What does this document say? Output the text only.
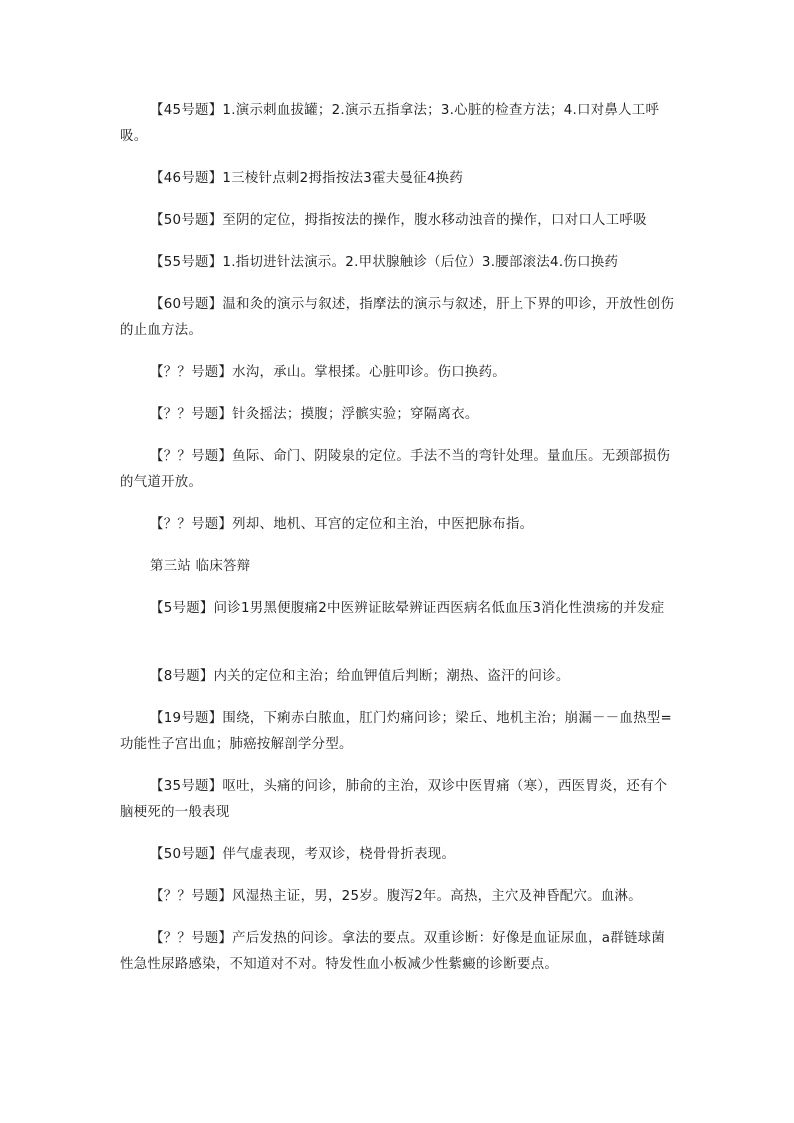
【45号题】1.演示刺血拔罐；2.演示五指拿法；3.心脏的检查方法；4.口对鼻人工呼吸。

【46号题】1三棱针点刺2拇指按法3霍夫曼征4换药

【50号题】至阴的定位，拇指按法的操作，腹水移动浊音的操作，口对口人工呼吸

【55号题】1.指切进针法演示。2.甲状腺触诊（后位）3.腰部滚法4.伤口换药

【60号题】温和灸的演示与叙述，指摩法的演示与叙述，肝上下界的叩诊，开放性创伤的止血方法。

【？？号题】水沟，承山。掌根揉。心脏叩诊。伤口换药。

【？？号题】针灸摇法；摸腹；浮髌实验；穿隔离衣。

【？？号题】鱼际、命门、阴陵泉的定位。手法不当的弯针处理。量血压。无颈部损伤的气道开放。

【？？号题】列却、地机、耳宫的定位和主治，中医把脉布指。

第三站 临床答辩

【5号题】问诊1男黑便腹痛2中医辨证眩晕辨证西医病名低血压3消化性溃疡的并发症

【8号题】内关的定位和主治；给血钾值后判断；潮热、盗汗的问诊。

【19号题】围绕，下痢赤白脓血，肛门灼痛问诊；梁丘、地机主治；崩漏－－血热型=功能性子宫出血；肺癌按解剖学分型。

【35号题】呕吐，头痛的问诊，肺俞的主治，双诊中医胃痛（寒），西医胃炎，还有个脑梗死的一般表现

【50号题】伴气虚表现，考双诊，桡骨骨折表现。

【？？号题】风湿热主证，男，25岁。腹泻2年。高热，主穴及神昏配穴。血淋。

【？？号题】产后发热的问诊。拿法的要点。双重诊断：好像是血证尿血，a群链球菌性急性尿路感染，不知道对不对。特发性血小板减少性紫癜的诊断要点。
